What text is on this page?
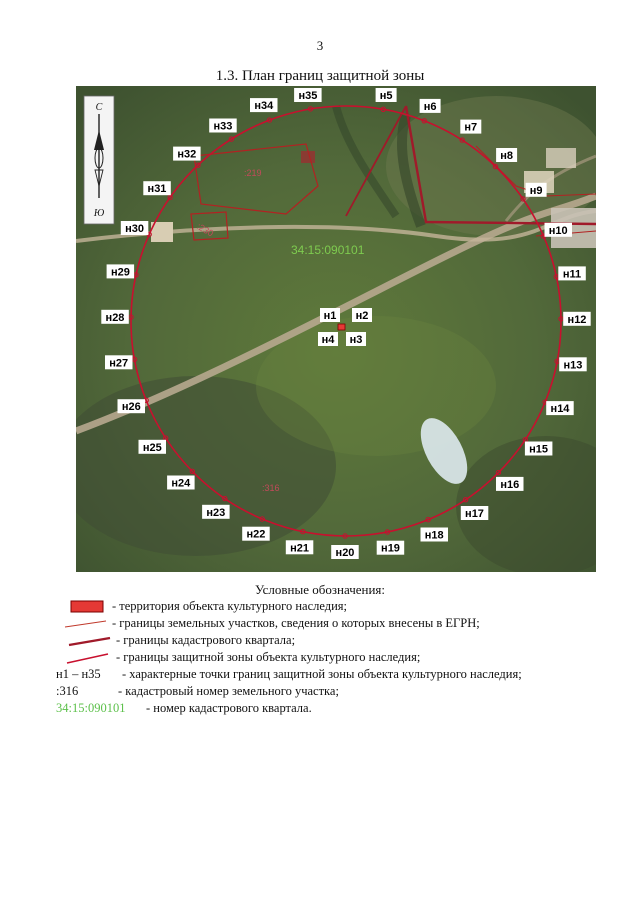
3
1.3. План границ защитной зоны
С
Ю
н5
н6
н7
н8
н9
н10
н11
н12
н13
н14
н15
н16
н17
н18
н19
н20
н21
н22
н23
н24
н25
н26
н27
н28
н29
н30
н31
н32
н33
н34
н35
н1 н2
н3
н4
:219
:230
:316
34:15:090101
Условные обозначения:
- территория объекта культурного наследия;
- границы земельных участков, сведения о которых внесены в ЕГРН;
- границы кадастрового квартала;
- границы защитной зоны объекта культурного наследия;
н1 – н35 - характерные точки границ защитной зоны объекта культурного наследия;
:316	- кадастровый номер земельного участка;
34:15:090101 - номер кадастрового квартала.
